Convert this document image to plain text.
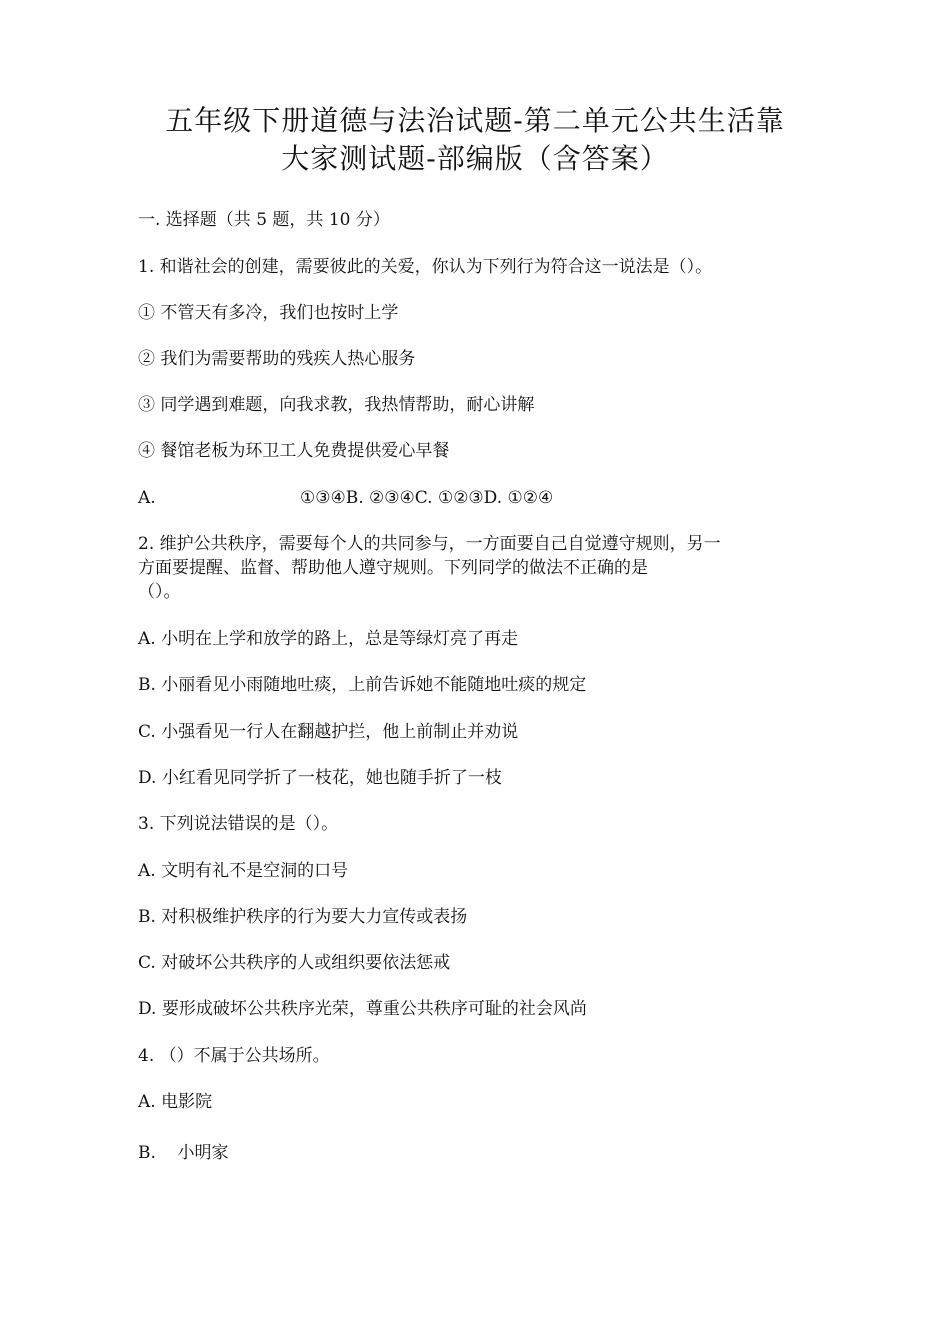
五年级下册道德与法治试题-第二单元公共生活靠
大家测试题-部编版（含答案）
一. 选择题（共 5 题，共 10 分）
1. 和谐社会的创建，需要彼此的关爱，你认为下列行为符合这一说法是（）。
① 不管天有多冷，我们也按时上学
② 我们为需要帮助的残疾人热心服务
③ 同学遇到难题，向我求教，我热情帮助，耐心讲解
④ 餐馆老板为环卫工人免费提供爱心早餐
A.	①③④B. ②③④C. ①②③D. ①②④
2. 维护公共秩序，需要每个人的共同参与，一方面要自己自觉遵守规则，另一
方面要提醒、监督、帮助他人遵守规则。下列同学的做法不正确的是
（）。
A. 小明在上学和放学的路上，总是等绿灯亮了再走
B. 小丽看见小雨随地吐痰，上前告诉她不能随地吐痰的规定
C. 小强看见一行人在翻越护拦，他上前制止并劝说
D. 小红看见同学折了一枝花，她也随手折了一枝
3. 下列说法错误的是（）。
A. 文明有礼不是空洞的口号
B. 对积极维护秩序的行为要大力宣传或表扬
C. 对破坏公共秩序的人或组织要依法惩戒
D. 要形成破坏公共秩序光荣，尊重公共秩序可耻的社会风尚
4. （）不属于公共场所。
A. 电影院
B.    小明家
